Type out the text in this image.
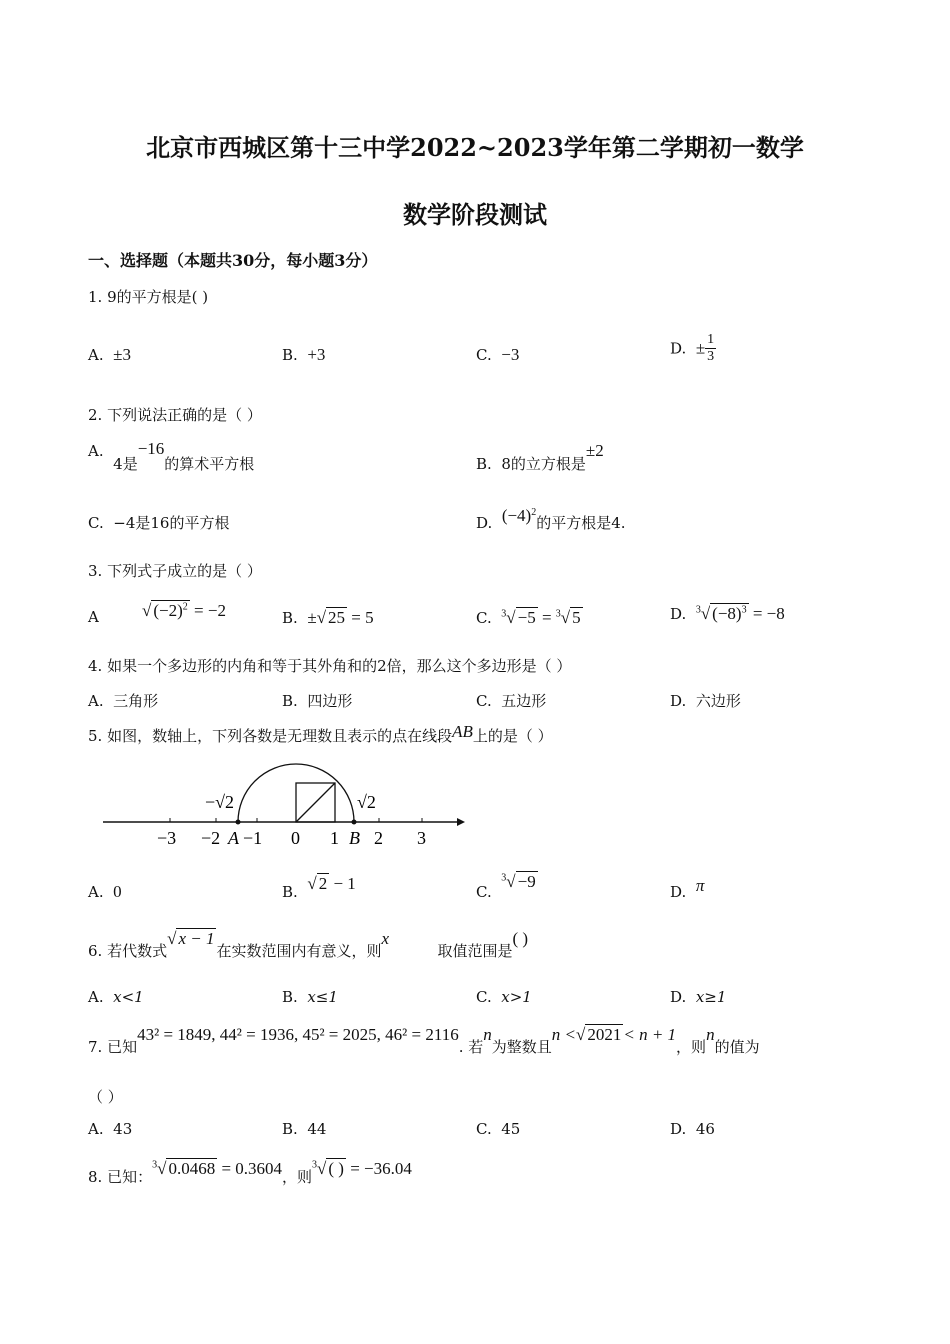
北京市西城区第十三中学2022~2023学年第二学期初一数学
数学阶段测试
一、选择题（本题共30分，每小题3分）
1. 9的平方根是( )
A. ±3	B. +3	C. −3	D. ± $\frac{1}{3}$
2. 下列说法正确的是（ ）
A.  4是−16的算术平方根	B. 8的立方根是±2
C. −4是16的平方根	D. $(-4)^2$的平方根是4.
3. 下列式子成立的是（ ）
A	√ $(-2)^2 = -2$	B. ±√ 25 = 5	C. $^3$√ −5 = $^3$√ 5	D. $^3$√ $(-8)^3 = -8$
4. 如果一个多边形的内角和等于其外角和的2倍，那么这个多边形是（ ）
A. 三角形	B. 四边形	C. 五边形	D. 六边形
5. 如图，数轴上，下列各数是无理数且表示的点在线段AB上的是（ ）
−√2	√2
−3 −2 A −1 0 1 B 2 3
A. 0	B. √ 2 − 1	C.  $^3$√ −9
D. π
6. 若代数式√ x − 1在实数范围内有意义，则x取值范围是( )
A. x<1	B. x≤1	C. x>1	D. x≥1
7. 已知43² = 1849, 44² = 1936, 45² = 2025, 46² = 2116. 若n为整数且n <√ 2021 < n + 1，则n的值为
（ ）
A. 43	B. 44	C. 45	D. 46
8. 已知：$^3$√ 0.0468 = 0.3604，则$^3$√ ( ) = −36.04
